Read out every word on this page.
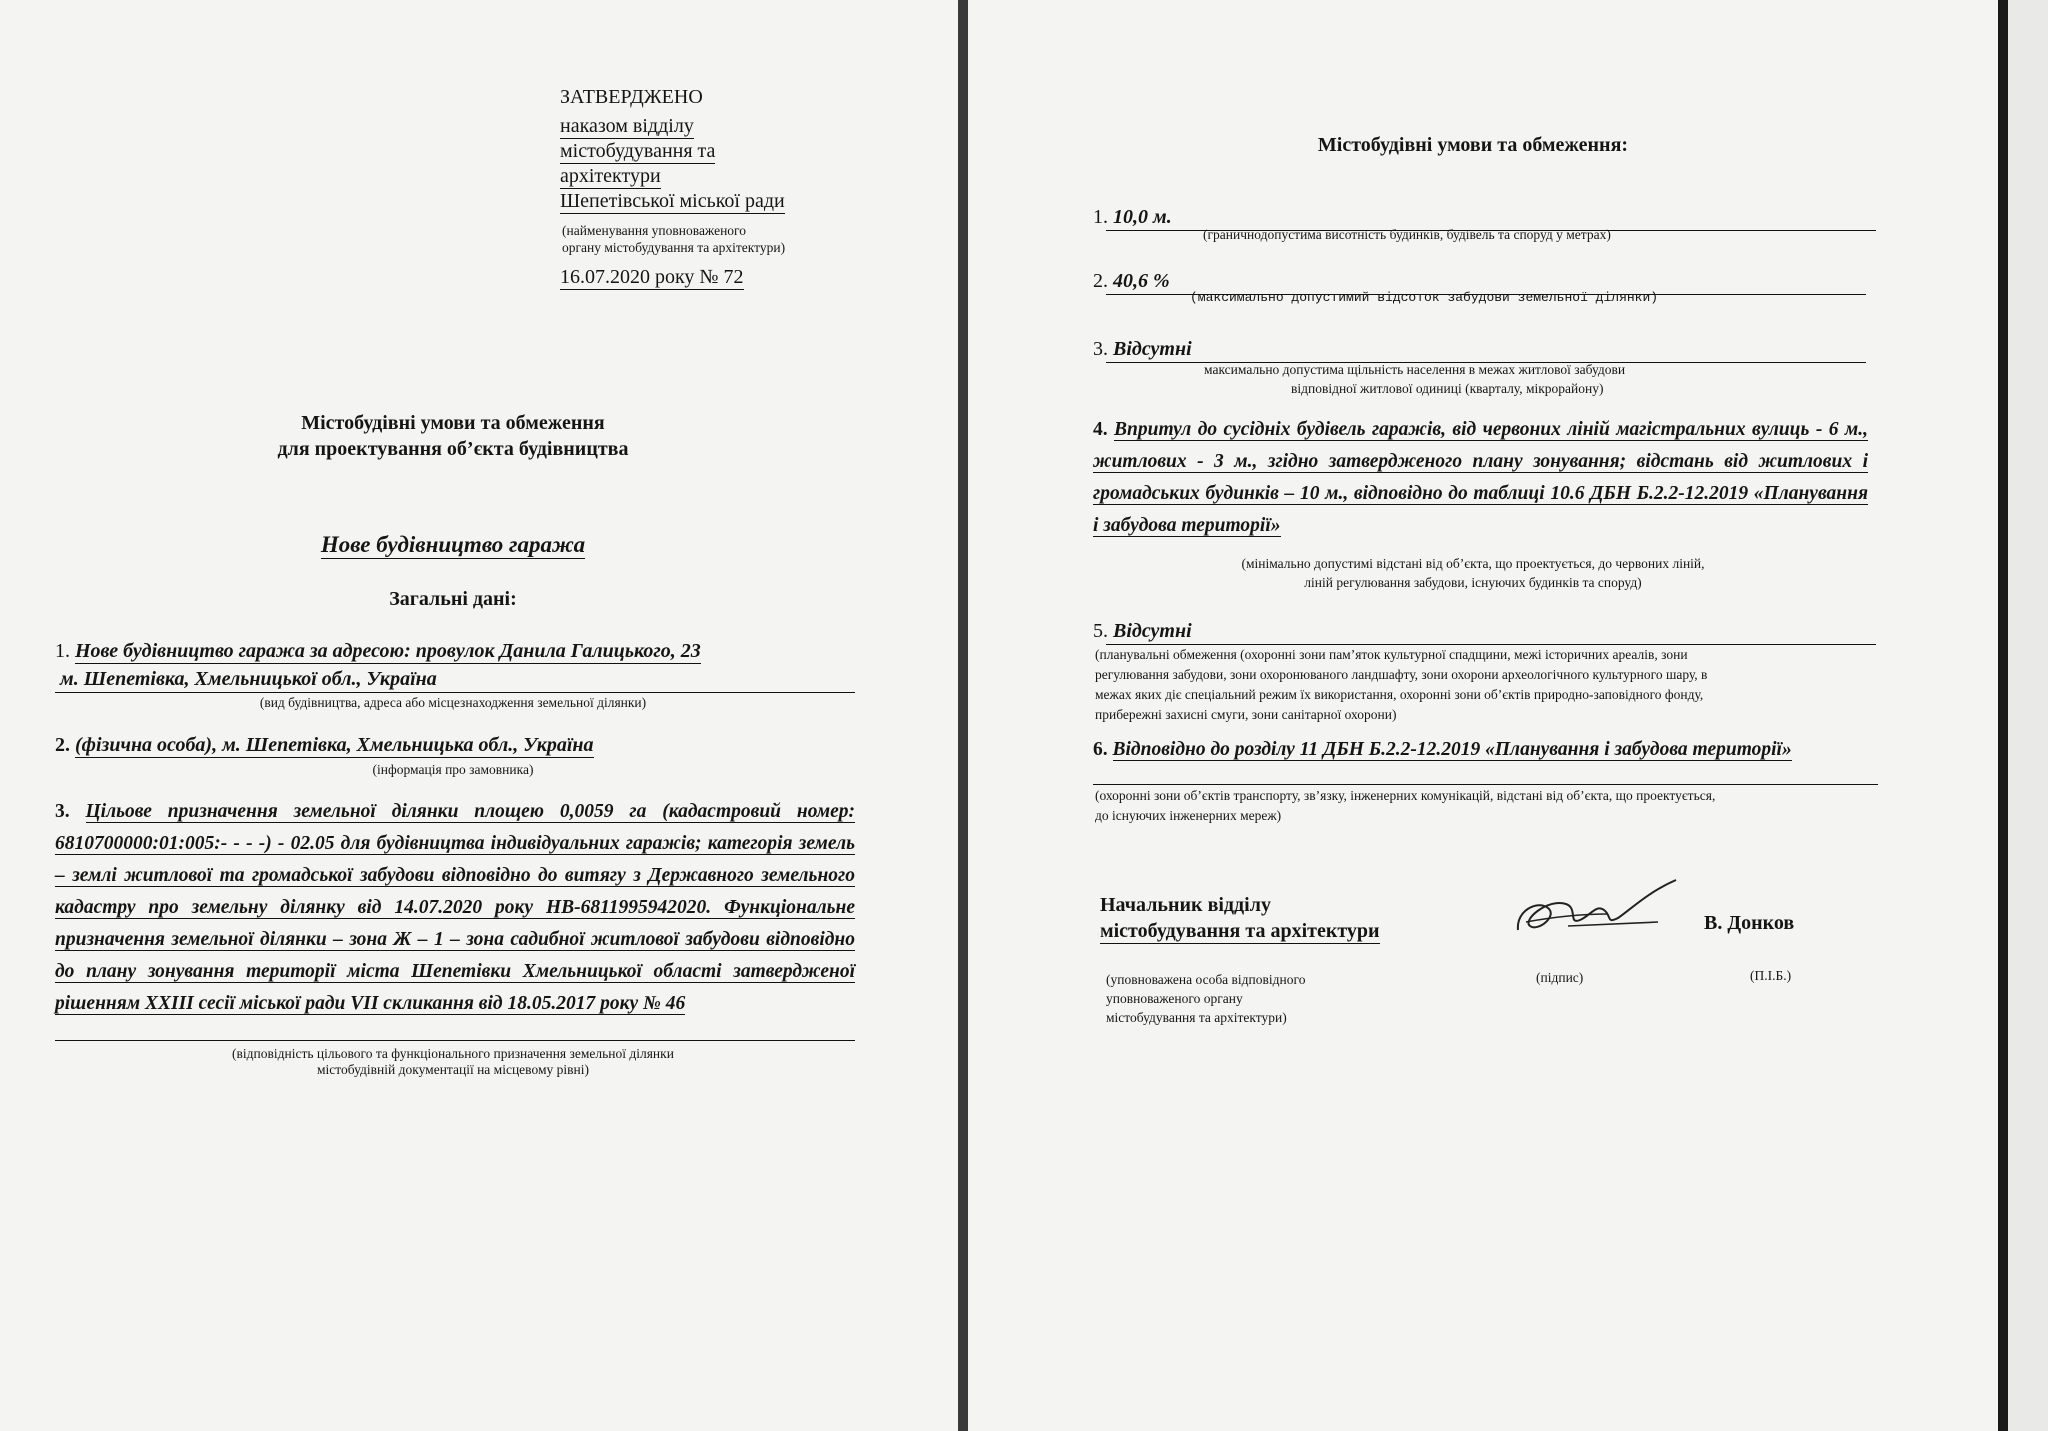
ЗАТВЕРДЖЕНО
наказом відділу
містобудування та
архітектури
Шепетівської міської ради
(найменування уповноваженого
органу містобудування та архітектури)
16.07.2020 року № 72
Містобудівні умови та обмеження
для проектування об’єкта будівництва
Нове будівництво гаража
Загальні дані:
1. Нове будівництво гаража за адресою: провулок Данила Галицького, 23
м. Шепетівка, Хмельницької обл., Україна
(вид будівництва, адреса або місцезнаходження земельної ділянки)
2. (фізична особа), м. Шепетівка, Хмельницька обл., Україна
(інформація про замовника)
3. Цільове призначення земельної ділянки площею 0,0059 га (кадастровий номер: 6810700000:01:005:- - - -) - 02.05 для будівництва індивідуальних гаражів; категорія земель – землі житлової та громадської забудови відповідно до витягу з Державного земельного кадастру про земельну ділянку від 14.07.2020 року НВ-6811995942020. Функціональне призначення земельної ділянки – зона Ж – 1 – зона садибної житлової забудови відповідно до плану зонування території міста Шепетівки Хмельницької області затвердженої рішенням XXIII сесії міської ради VII скликання від 18.05.2017 року № 46
(відповідність цільового та функціонального призначення земельної ділянки
містобудівній документації на місцевому рівні)
Містобудівні умови та обмеження:
1. 10,0 м.
(граничнодопустима висотність будинків, будівель та споруд у метрах)
2. 40,6 %
(максимально допустимий відсоток забудови земельної ділянки)
3. Відсутні
максимально допустима щільність населення в межах житлової забудови
відповідної житлової одиниці (кварталу, мікрорайону)
4. Впритул до сусідніх будівель гаражів, від червоних ліній магістральних вулиць - 6 м., житлових - 3 м., згідно затвердженого плану зонування; відстань від житлових і громадських будинків – 10 м., відповідно до таблиці 10.6 ДБН Б.2.2-12.2019 «Планування і забудова території»
(мінімально допустимі відстані від об’єкта, що проектується, до червоних ліній,
ліній регулювання забудови, існуючих будинків та споруд)
5. Відсутні
(планувальні обмеження (охоронні зони пам’яток культурної спадщини, межі історичних ареалів, зони
регулювання забудови, зони охоронюваного ландшафту, зони охорони археологічного культурного шару, в
межах яких діє спеціальний режим їх використання, охоронні зони об’єктів природно-заповідного фонду,
прибережні захисні смуги, зони санітарної охорони)
6. Відповідно до розділу 11 ДБН Б.2.2-12.2019 «Планування і забудова території»
(охоронні зони об’єктів транспорту, зв’язку, інженерних комунікацій, відстані від об’єкта, що проектується,
до існуючих інженерних мереж)
Начальник відділу
містобудування та архітектури	В. Донков
(уповноважена особа відповідного
уповноваженого органу
містобудування та архітектури)
(підпис)	(П.І.Б.)
